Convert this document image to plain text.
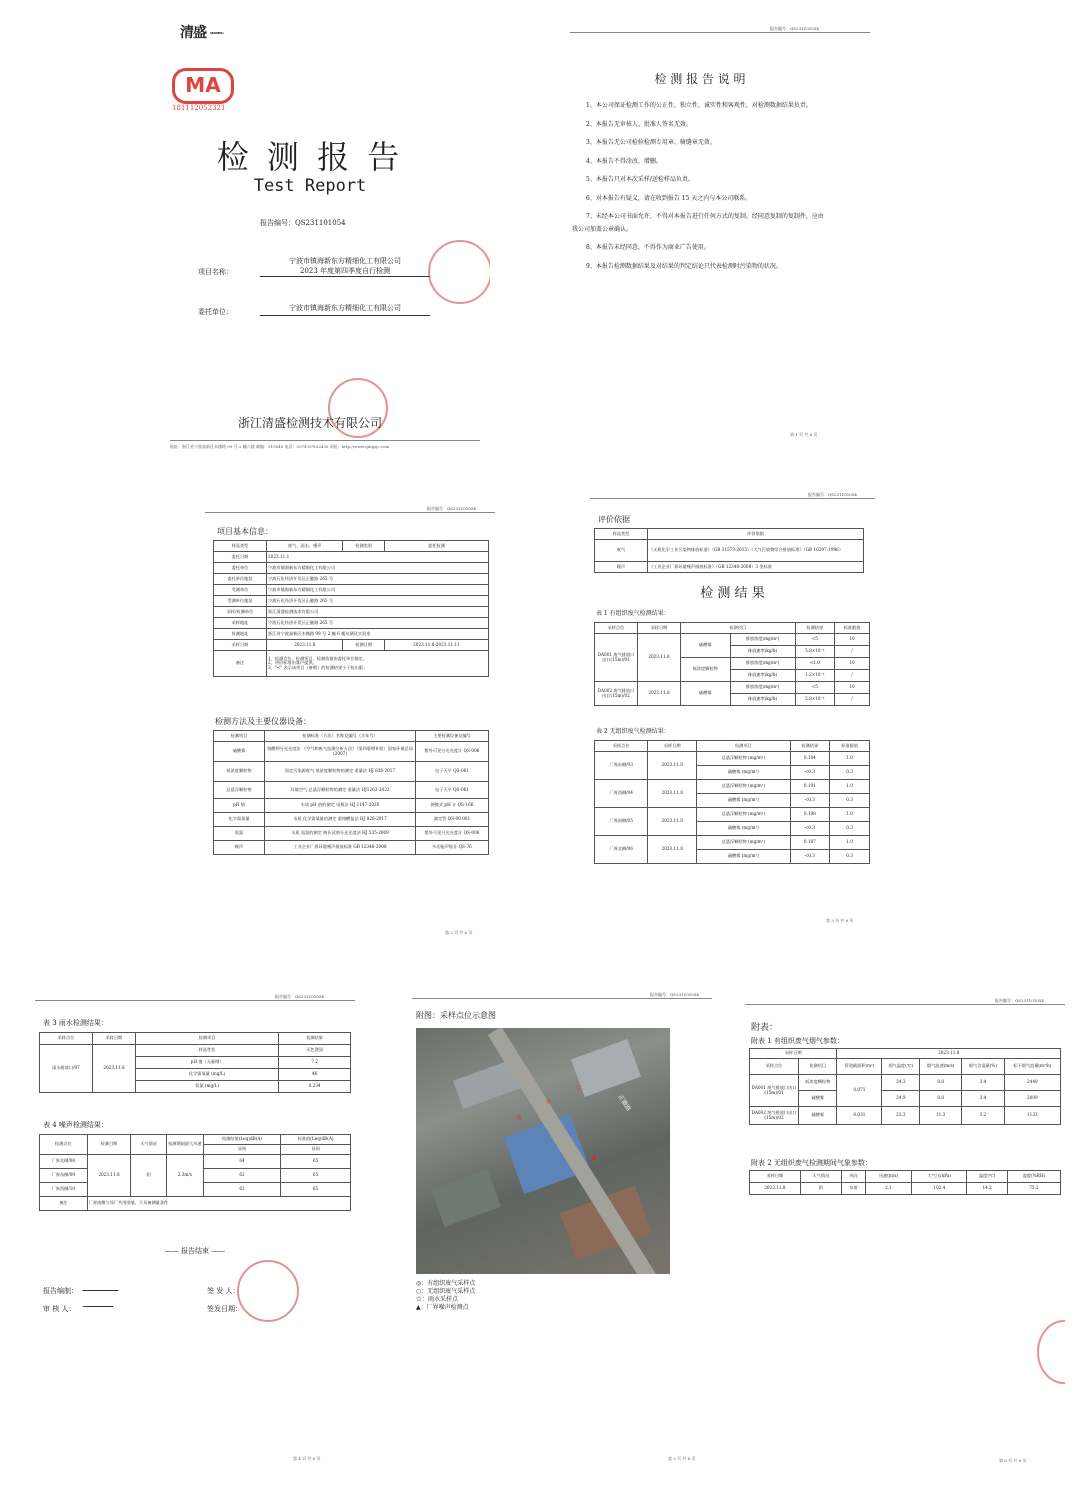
清盛 QING SHENG
MA
181112052321
检 测 报 告
Test Report
报告编号：QS231101054
项目名称：
宁波市镇海新东方精细化工有限公司
2023 年度第四季度自行检测
委托单位：	宁波市镇海新东方精细化工有限公司
浙江清盛检测技术有限公司
地址：浙江省宁波高新区木槿路 99 号 2 幢六楼 邮编：315040 电话：0574-87832430 网址：http://www.qingsjc.com
报告编号：QS231101054
检 测 报 告 说 明
1、本公司保证检测工作的公正性、独立性、诚实性和客观性，对检测数据结果负责。
2、本报告无审核人、批准人签名无效。
3、本报告无公司检验检测专用章、骑缝章无效。
4、本报告不得涂改、增删。
5、本报告只对本次采样/送检样品负责。
6、对本报告有疑义，请在收到报告 15 天之内与本公司联系。
7、未经本公司书面允许，不得对本报告进行任何方式的复制。经同意复制的复制件，应由我公司加盖公章确认。
8、本报告未经同意，不得作为商业广告使用。
9、本报告检测数据结果及对结果的判定结论只代表检测时污染物的状况。
第 1 页 共 6 页
报告编号：QS231101054
项目基本信息：
样品类型	废气、雨水、噪声	检测类别	委托检测
委托日期	2023.11.1		
委托单位	宁波市镇海新东方精细化工有限公司		
委托单位地址	宁波石化经济开发区正徽路 265 号		
受测单位	宁波市镇海新东方精细化工有限公司		
受测单位地址	宁波石化经济开发区正徽路 265 号		
采样/检测单位	浙江清盛检测技术有限公司		
采样地址	宁波石化经济开发区正徽路 265 号		
检测地址	浙江省宁波高新区木槿路 99 号 2 幢 6 楼东测及实验室		
采样日期	2023.11.8	检测日期	2023.11.8-2023.11.11
备注	1、检测点位、检测项目、检测依据由委托单位指定。
2、评价标准由客户提供。
3、"<" 表示该项目（参数）的检测结果小于检出限。		
检测方法及主要仪器设备：
检测项目	检测标准（方法）名称及编号（含年号）	主要检测设备及编号
硫酸雾	铬酸钡分光光度法 《空气和废气监测分析方法》（第四版增补版）国家环保总局(2007)	紫外可见分光光度计 QS-006
低浓度颗粒物	固定污染源废气 低浓度颗粒物的测定 重量法 HJ 836-2017	电子天平 QS-061
总悬浮颗粒物	环境空气 总悬浮颗粒物的测定 重量法 HJ1263-2022	电子天平 QS-061
pH 值	水质 pH 值的测定 电极法 HJ 1147-2020	便携式 pH 计 QS-166
化学需氧量	水质 化学需氧量的测定 重铬酸盐法 HJ 828-2017	滴定管 QS-00-001
氨氮	水质 氨氮的测定 纳氏试剂分光光度法 HJ 535-2009	紫外可见分光光度计 QS-006
噪声	工业企业厂界环境噪声排放标准 GB 12348-2008	多功能声级计 QS-76
第 2 页 共 6 页
报告编号：QS231101054
评价依据
样品类型	评价依据
废气	《无机化学工业污染物排放标准》（GB 31573-2015）《大气污染物综合排放标准》（GB 16297-1996）
噪声	《工业企业厂界环境噪声排放标准》（GB 12348-2008）3 类标准
检 测 结 果
表 1 有组织废气检测结果：
采样点位	采样日期	检测项目		检测结果	标准限值
DA001 废气排放口出口(15m)/01	2023.11.8	硫酸雾	排放浓度(mg/m³)	<5	10
			排放速率(kg/h)	5.8×10⁻⁴	/
		低浓度颗粒物	排放浓度(mg/m³)	<1.0	10
			排放速率(kg/h)	1.2×10⁻⁴	/
DA002 废气排放口出口(15m)/02	2023.11.8	硫酸雾	排放浓度(mg/m³)	<5	10
			排放速率(kg/h)	2.8×10⁻⁴	/
表 2 无组织废气检测结果：
采样点位	采样日期	检测项目	检测结果	标准限值
厂界东侧/03	2023.11.8	总悬浮颗粒物 (mg/m³)	0.184	1.0
		硫酸雾 (mg/m³)	<0.3	0.3
厂界西侧/04	2023.11.8	总悬浮颗粒物 (mg/m³)	0.191	1.0
		硫酸雾 (mg/m³)	<0.3	0.3
厂界南侧/05	2023.11.8	总悬浮颗粒物 (mg/m³)	0.198	1.0
		硫酸雾 (mg/m³)	<0.3	0.3
厂界北侧/06	2023.11.8	总悬浮颗粒物 (mg/m³)	0.187	1.0
		硫酸雾 (mg/m³)	<0.3	0.3
第 3 页 共 6 页
报告编号：QS231101054
表 3 雨水检测结果：
采样点位	采样日期	检测项目	检测结果
雨水排放口/07	2023.11.8	样品性状	无色澄清
		pH 值（无量纲）	7.2
		化学需氧量 (mg/L)	46
		氨氮 (mg/L)	0.234
表 4 噪声检测结果：
检测点位	检测日期	天气情况	检测期间最大风速	检测结果(Leq)dB(A)	标准值(Leq)dB(A)
				昼间	昼间
厂界北侧/08	2023.11.8	阴	2.3m/s	64	65
厂界东侧/09				62	65
厂界西侧/10				62	65
备注	厂界南侧与邻厂共用围墙，不具备测量条件				
—— 报告结束 ——
报告编制：
审 核 人：
签 发 人：
签发日期：
第 4 页 共 6 页
报告编号：QS231101054
附图：采样点位示意图
正徽路
◎
◎
○
▲
◎：有组织废气采样点
○：无组织废气采样点
☆：雨水采样点
▲：厂界噪声检测点
第 5 页 共 6 页
报告编号：QS231101054
附表：
附表 1 有组织废气烟气参数：
采样日期		2023.11.8				
采样点位	检测项目	管道截面积(m²)	烟气温度(℃)	烟气流速(m/s)	烟气含湿量(%)	标干烟气流量(m³/h)
DA001 废气排放口出口(15m)/01	低浓度颗粒物	0.071	24.3	8.8	3.4	2449
	硫酸雾		24.9	8.8	3.4	2009
DA002 废气排放口出口(15m)/02	硫酸雾	0.031	23.3	11.3	3.2	1133
附表 2 无组织废气检测期间气象参数：
采样日期	天气情况	风向	风速(m/s)	大气压(kPa)	温度(℃)	湿度(%RH)
2023.11.8	阴	东南	2.1	102.4	14.2	75.2
第 6 页 共 6 页
